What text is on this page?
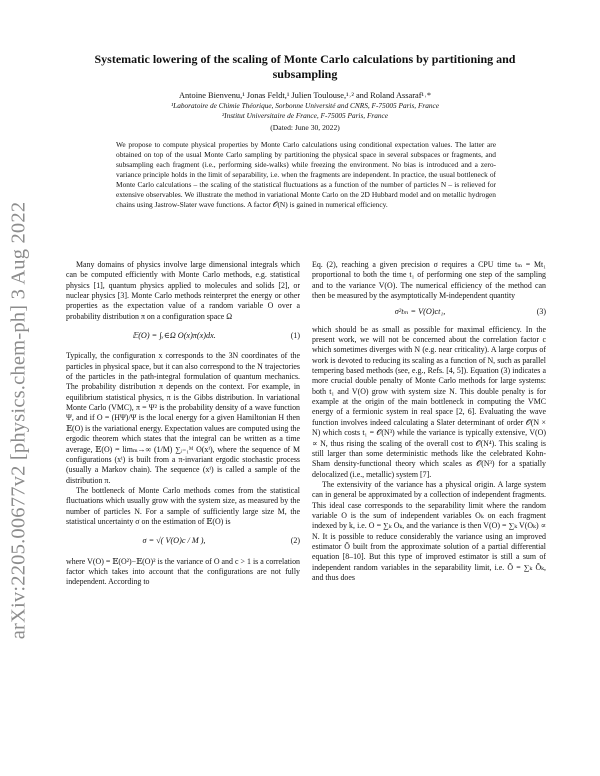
arXiv:2205.00677v2 [physics.chem-ph] 3 Aug 2022
Systematic lowering of the scaling of Monte Carlo calculations by partitioning and subsampling
Antoine Bienvenu,¹ Jonas Feldt,¹ Julien Toulouse,¹˒² and Roland Assaraf¹˒*
¹Laboratoire de Chimie Théorique, Sorbonne Université and CNRS, F-75005 Paris, France
²Institut Universitaire de France, F-75005 Paris, France
(Dated: June 30, 2022)

We propose to compute physical properties by Monte Carlo calculations using conditional expectation values. The latter are obtained on top of the usual Monte Carlo sampling by partitioning the physical space in several subspaces or fragments, and subsampling each fragment (i.e., performing side-walks) while freezing the environment. No bias is introduced and a zero-variance principle holds in the limit of separability, i.e. when the fragments are independent. In practice, the usual bottleneck of Monte Carlo calculations – the scaling of the statistical fluctuations as a function of the number of particles N – is relieved for extensive observables. We illustrate the method in variational Monte Carlo on the 2D Hubbard model and on metallic hydrogen chains using Jastrow-Slater wave functions. A factor 𝒪(N) is gained in numerical efficiency.

Many domains of physics involve large dimensional integrals which can be computed efficiently with Monte Carlo methods, e.g. statistical physics [1], quantum physics applied to molecules and solids [2], or nuclear physics [3]. Monte Carlo methods reinterpret the energy or other properties as the expectation value of a random variable O over a probability distribution π on a configuration space Ω

𝔼(O) = ∫ₓ∈Ω O(x)π(x)dx.	(1)

Typically, the configuration x corresponds to the 3N coordinates of the particles in physical space, but it can also correspond to the N trajectories of the particles in the path-integral formulation of quantum mechanics. The probability distribution π depends on the context. For example, in equilibrium statistical physics, π is the Gibbs distribution. In variational Monte Carlo (VMC), π = Ψ² is the probability density of a wave function Ψ, and if O = (HΨ)/Ψ is the local energy for a given Hamiltonian H then 𝔼(O) is the variational energy. Expectation values are computed using the ergodic theorem which states that the integral can be written as a time average, 𝔼(O) = limₘ→∞ (1/M) ∑ᵢ₌₁ᴹ O(xⁱ), where the sequence of M configurations (xⁱ) is built from a π-invariant ergodic stochastic process (usually a Markov chain). The sequence (xⁱ) is called a sample of the distribution π.

The bottleneck of Monte Carlo methods comes from the statistical fluctuations which usually grow with the system size, as measured by the number of particles N. For a sample of sufficiently large size M, the statistical uncertainty σ on the estimation of 𝔼(O) is

σ = √( V(O)c / M ),	(2)

where V(O) = 𝔼(O²)−𝔼(O)² is the variance of O and c > 1 is a correlation factor which takes into account that the configurations are not fully independent. According to

Eq. (2), reaching a given precision σ requires a CPU time tₘ = Mt₁ proportional to both the time t₁ of performing one step of the sampling and to the variance V(O). The numerical efficiency of the method can then be measured by the asymptotically M-independent quantity

σ²tₘ = V(O)ct₁,	(3)

which should be as small as possible for maximal efficiency. In the present work, we will not be concerned about the correlation factor c which sometimes diverges with N (e.g. near criticality). A large corpus of work is devoted to reducing its scaling as a function of N, such as parallel tempering based methods (see, e.g., Refs. [4, 5]). Equation (3) indicates a more crucial double penalty of Monte Carlo methods for large systems: both t₁ and V(O) grow with system size N. This double penalty is for example at the origin of the main bottleneck in computing the VMC energy of a fermionic system in real space [2, 6]. Evaluating the wave function involves indeed calculating a Slater determinant of order 𝒪(N × N) which costs t₁ = 𝒪(N³) while the variance is typically extensive, V(O) ∝ N, thus rising the scaling of the overall cost to 𝒪(N⁴). This scaling is still larger than some deterministic methods like the celebrated Kohn-Sham density-functional theory which scales as 𝒪(N³) for a spatially delocalized (i.e., metallic) system [7].

The extensivity of the variance has a physical origin. A large system can in general be approximated by a collection of independent fragments. This ideal case corresponds to the separability limit where the random variable O is the sum of independent variables Oₖ on each fragment indexed by k, i.e. O = ∑ₖ Oₖ, and the variance is then V(O) = ∑ₖ V(Oₖ) ∝ N. It is possible to reduce considerably the variance using an improved estimator Õ built from the approximate solution of a partial differential equation [8–10]. But this type of improved estimator is still a sum of independent random variables in the separability limit, i.e. Õ = ∑ₖ Õₖ, and thus does
